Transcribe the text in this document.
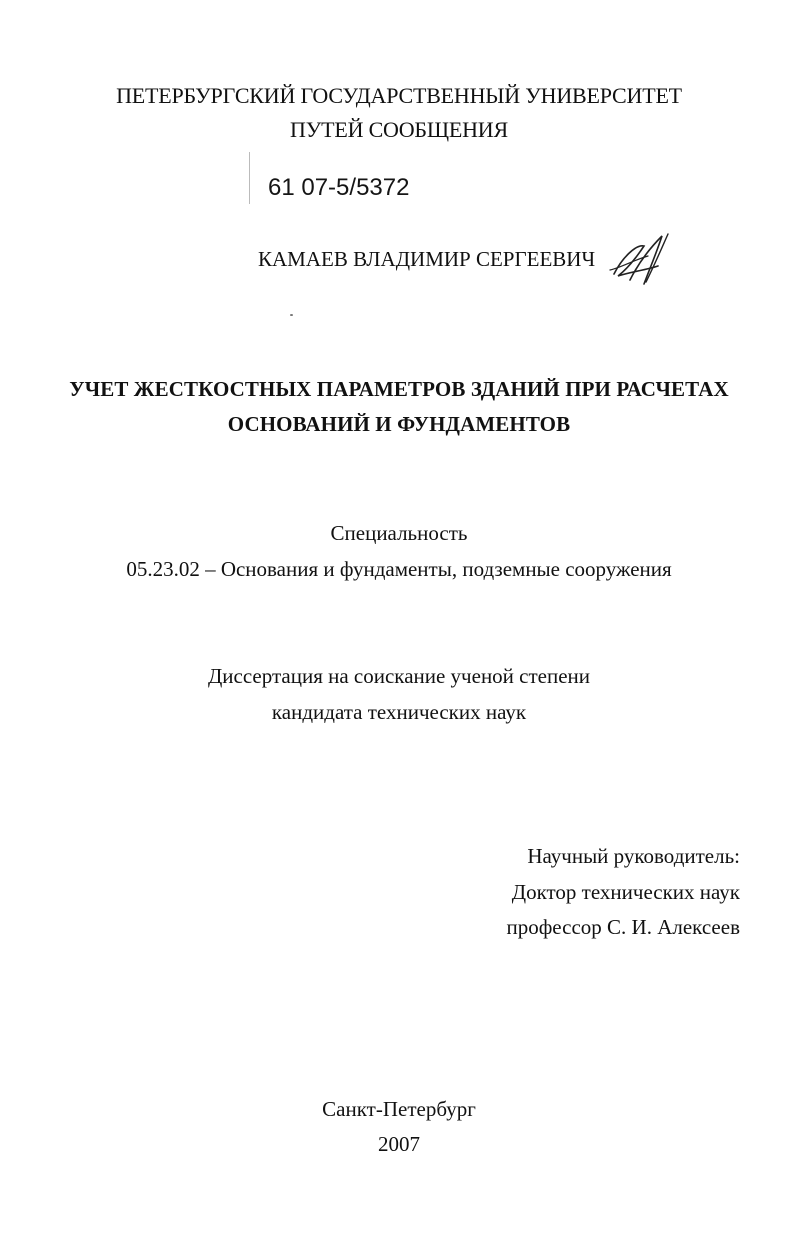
ПЕТЕРБУРГСКИЙ ГОСУДАРСТВЕННЫЙ УНИВЕРСИТЕТ
ПУТЕЙ СООБЩЕНИЯ
61 07-5/5372
КАМАЕВ ВЛАДИМИР СЕРГЕЕВИЧ
УЧЕТ ЖЕСТКОСТНЫХ ПАРАМЕТРОВ ЗДАНИЙ ПРИ РАСЧЕТАХ
ОСНОВАНИЙ И ФУНДАМЕНТОВ
Специальность
05.23.02 – Основания и фундаменты, подземные сооружения
Диссертация на соискание ученой степени
кандидата технических наук
Научный руководитель:
Доктор технических наук
профессор С. И. Алексеев
Санкт-Петербург
2007
